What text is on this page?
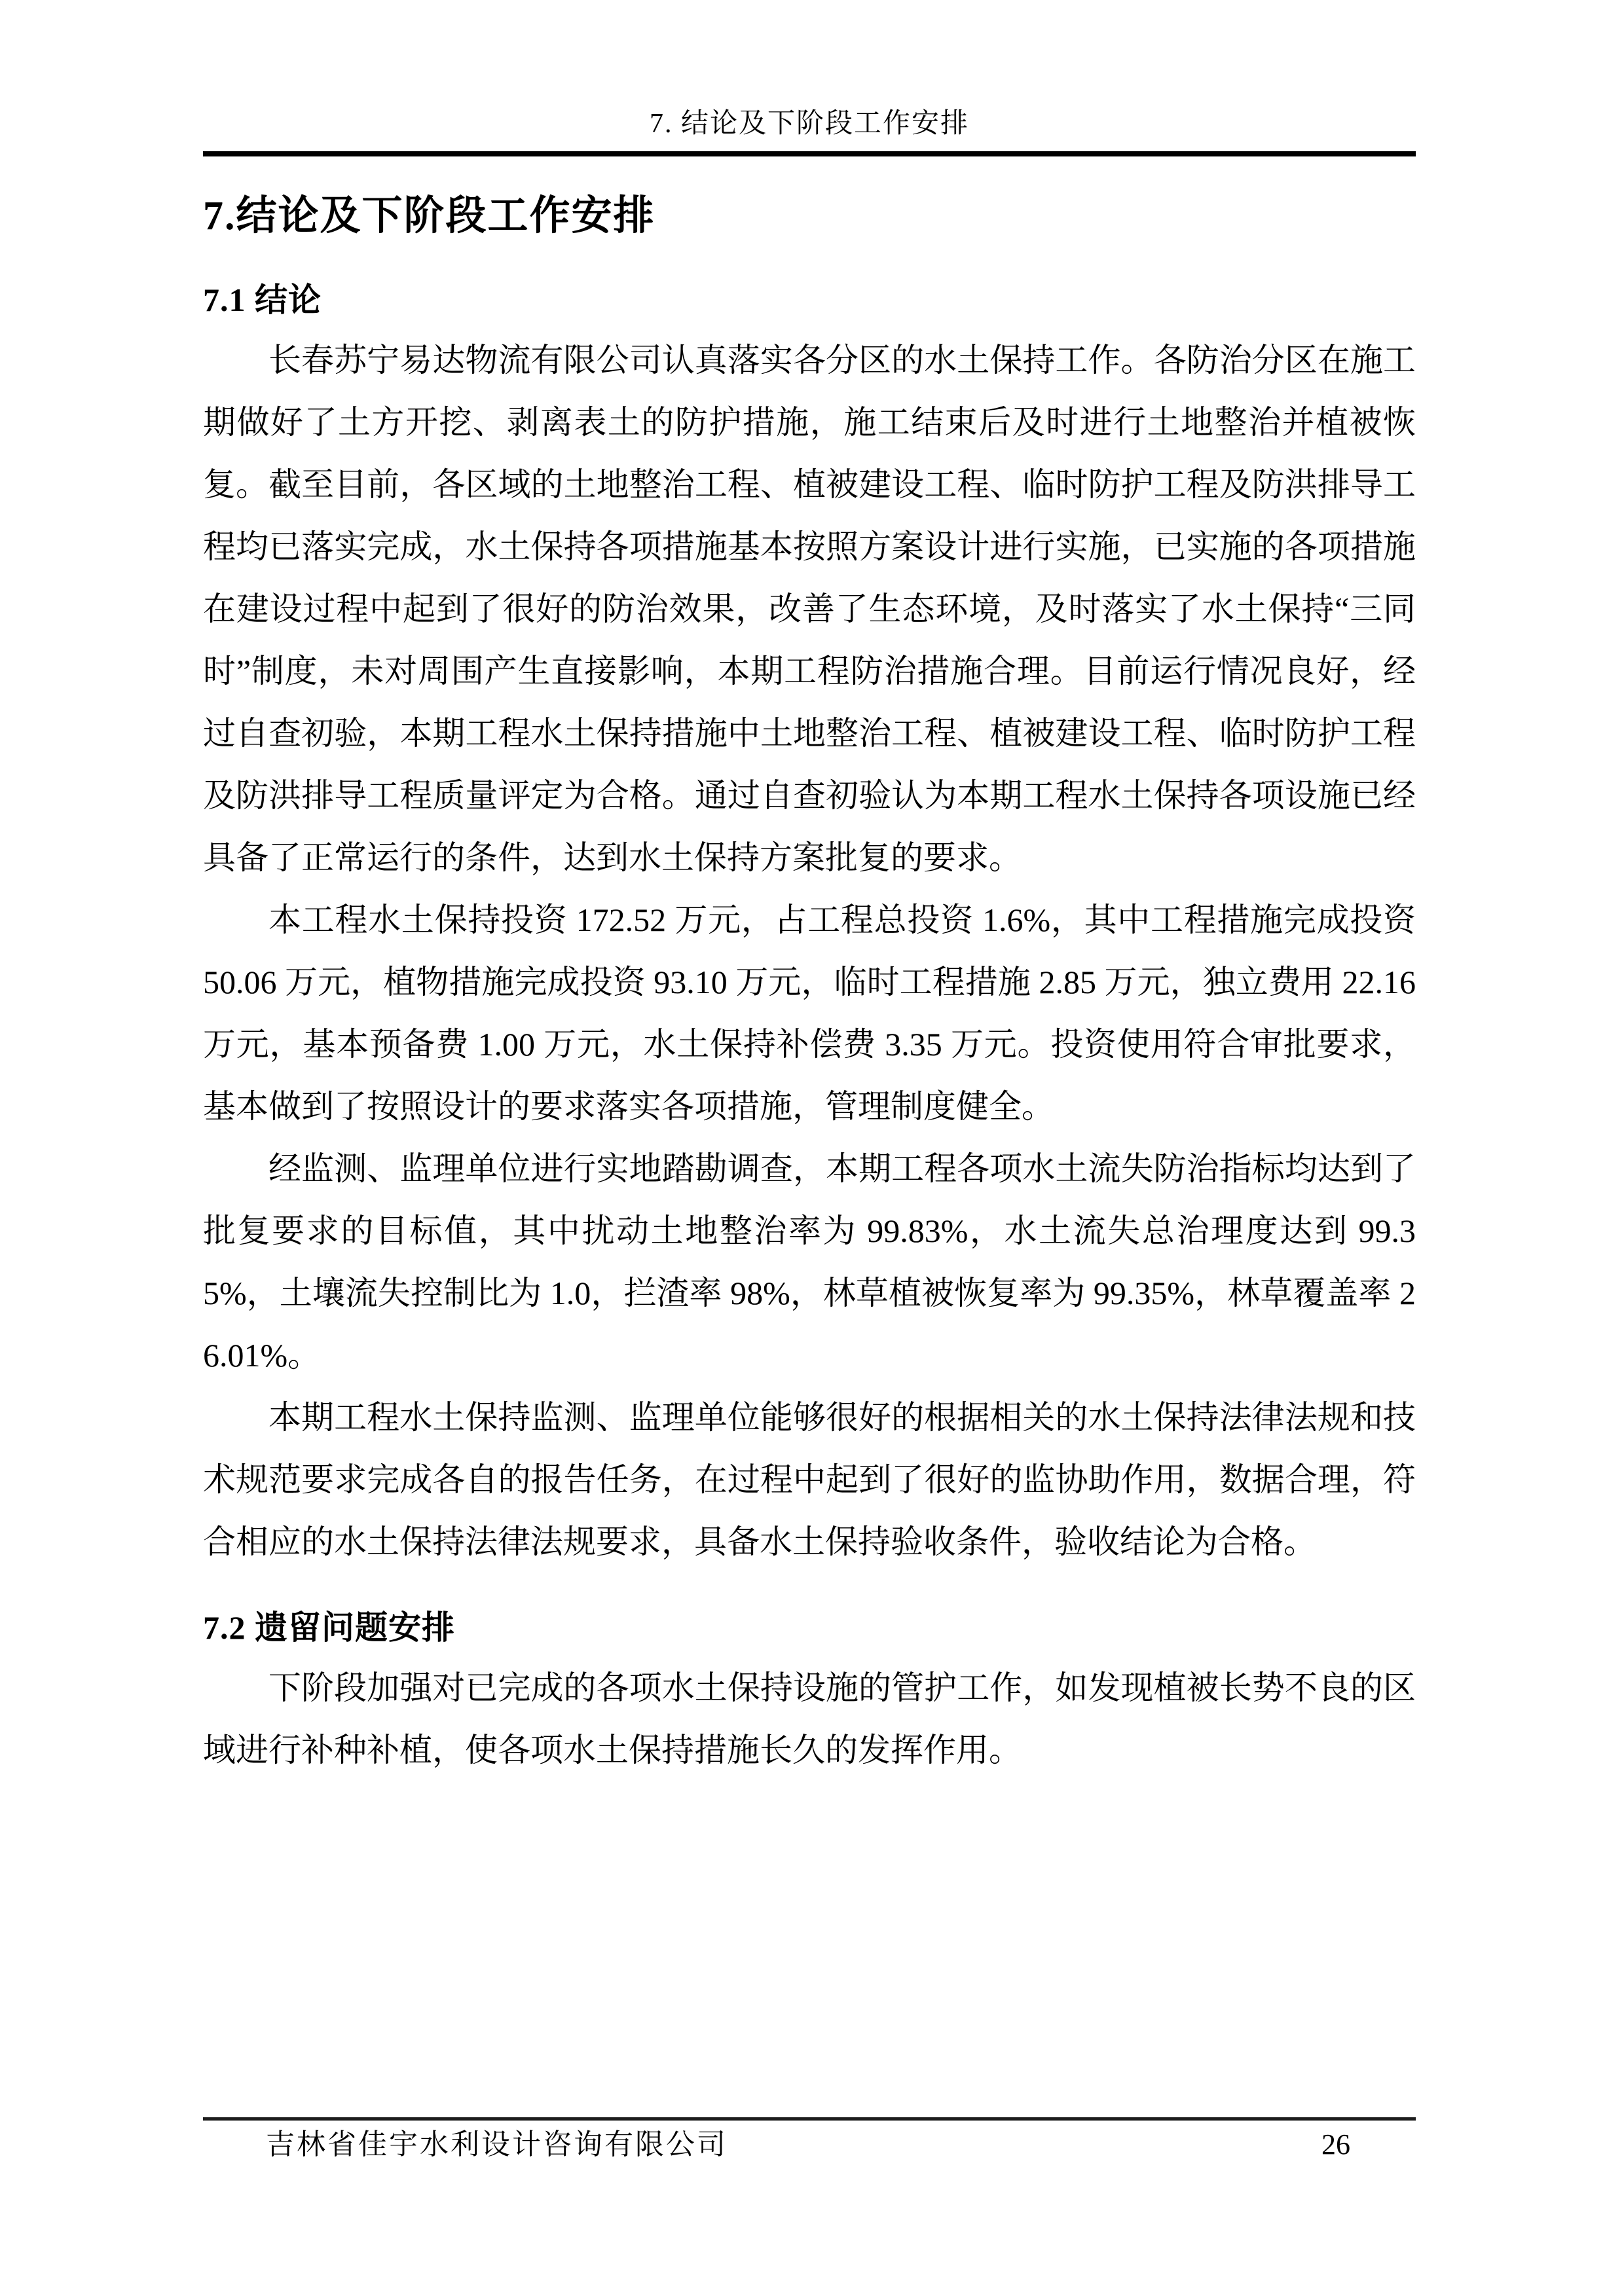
7. 结论及下阶段工作安排
7.结论及下阶段工作安排
7.1 结论

长春苏宁易达物流有限公司认真落实各分区的水土保持工作。各防治分区在施工期做好了土方开挖、剥离表土的防护措施，施工结束后及时进行土地整治并植被恢复。截至目前，各区域的土地整治工程、植被建设工程、临时防护工程及防洪排导工程均已落实完成，水土保持各项措施基本按照方案设计进行实施，已实施的各项措施在建设过程中起到了很好的防治效果，改善了生态环境，及时落实了水土保持“三同时”制度，未对周围产生直接影响，本期工程防治措施合理。目前运行情况良好，经过自查初验，本期工程水土保持措施中土地整治工程、植被建设工程、临时防护工程及防洪排导工程质量评定为合格。通过自查初验认为本期工程水土保持各项设施已经具备了正常运行的条件，达到水土保持方案批复的要求。

本工程水土保持投资 172.52 万元，占工程总投资 1.6%，其中工程措施完成投资 50.06 万元，植物措施完成投资 93.10 万元，临时工程措施 2.85 万元，独立费用 22.16 万元，基本预备费 1.00 万元，水土保持补偿费 3.35 万元。投资使用符合审批要求，基本做到了按照设计的要求落实各项措施，管理制度健全。

经监测、监理单位进行实地踏勘调查，本期工程各项水土流失防治指标均达到了批复要求的目标值，其中扰动土地整治率为 99.83%，水土流失总治理度达到 99.35%，土壤流失控制比为 1.0，拦渣率 98%，林草植被恢复率为 99.35%，林草覆盖率 26.01%。

本期工程水土保持监测、监理单位能够很好的根据相关的水土保持法律法规和技术规范要求完成各自的报告任务，在过程中起到了很好的监协助作用，数据合理，符合相应的水土保持法律法规要求，具备水土保持验收条件，验收结论为合格。

7.2 遗留问题安排

下阶段加强对已完成的各项水土保持设施的管护工作，如发现植被长势不良的区域进行补种补植，使各项水土保持措施长久的发挥作用。

吉林省佳宇水利设计咨询有限公司	26
